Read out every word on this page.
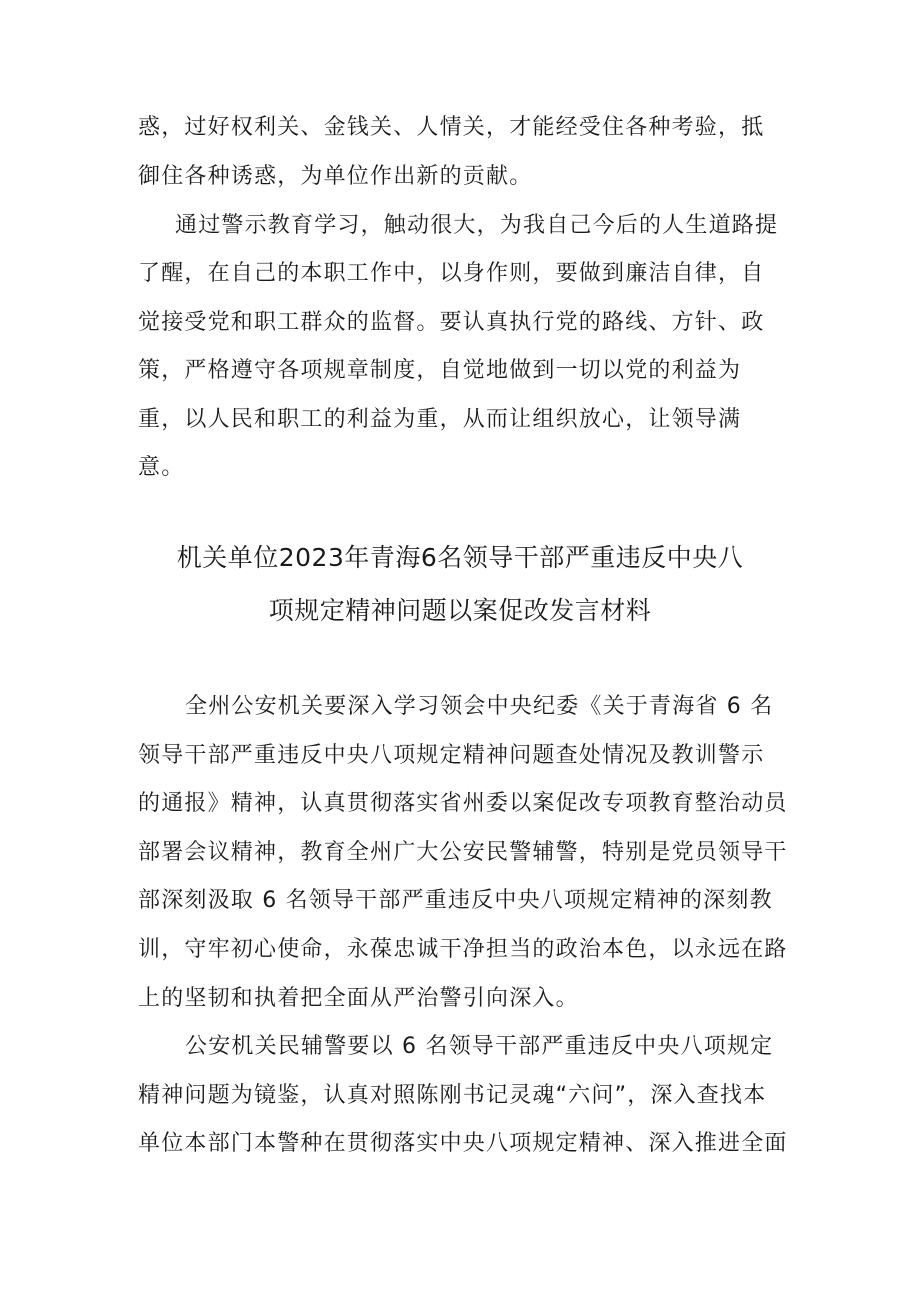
惑，过好权利关、金钱关、人情关，才能经受住各种考验，抵
御住各种诱惑，为单位作出新的贡献。
通过警示教育学习，触动很大，为我自己今后的人生道路提
了醒，在自己的本职工作中，以身作则，要做到廉洁自律，自
觉接受党和职工群众的监督。要认真执行党的路线、方针、政
策，严格遵守各项规章制度，自觉地做到一切以党的利益为
重，以人民和职工的利益为重，从而让组织放心，让领导满
意。
机关单位2023年青海6名领导干部严重违反中央八
项规定精神问题以案促改发言材料
全州公安机关要深入学习领会中央纪委《关于青海省 6 名
领导干部严重违反中央八项规定精神问题查处情况及教训警示
的通报》精神，认真贯彻落实省州委以案促改专项教育整治动员
部署会议精神，教育全州广大公安民警辅警，特别是党员领导干
部深刻汲取 6 名领导干部严重违反中央八项规定精神的深刻教
训，守牢初心使命，永葆忠诚干净担当的政治本色，以永远在路
上的坚韧和执着把全面从严治警引向深入。
公安机关民辅警要以 6 名领导干部严重违反中央八项规定
精神问题为镜鉴，认真对照陈刚书记灵魂“六问”，深入查找本
单位本部门本警种在贯彻落实中央八项规定精神、深入推进全面
